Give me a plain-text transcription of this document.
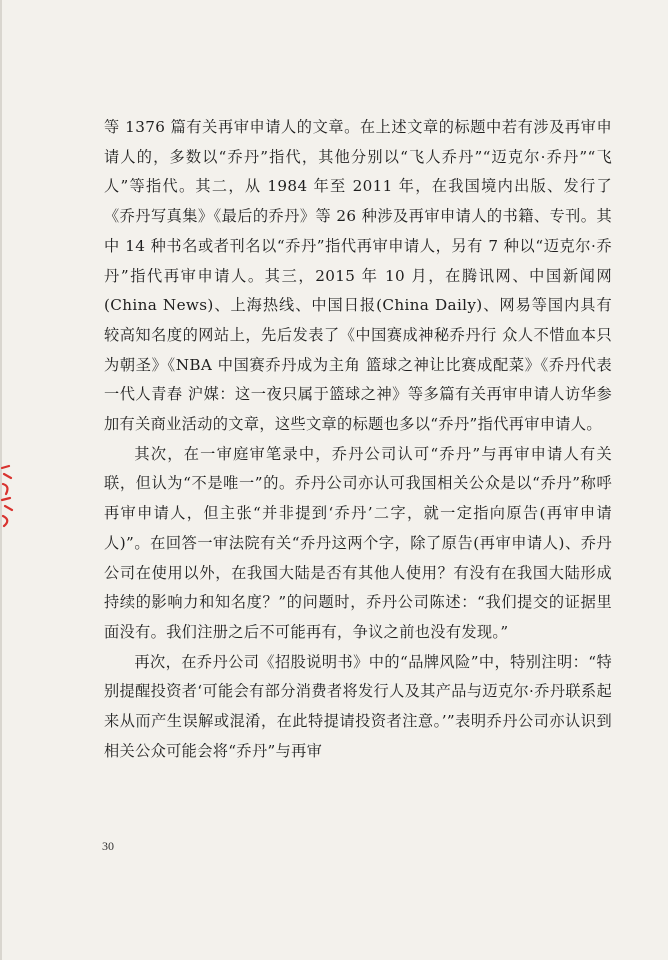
等 1376 篇有关再审申请人的文章。在上述文章的标题中若有涉及再审申请人的，多数以“乔丹”指代，其他分别以“飞人乔丹”“迈克尔·乔丹”“飞人”等指代。其二，从 1984 年至 2011 年，在我国境内出版、发行了《乔丹写真集》《最后的乔丹》等 26 种涉及再审申请人的书籍、专刊。其中 14 种书名或者刊名以“乔丹”指代再审申请人，另有 7 种以“迈克尔·乔丹”指代再审申请人。其三，2015 年 10 月，在腾讯网、中国新闻网(China News)、上海热线、中国日报(China Daily)、网易等国内具有较高知名度的网站上，先后发表了《中国赛成神秘乔丹行 众人不惜血本只为朝圣》《NBA 中国赛乔丹成为主角 篮球之神让比赛成配菜》《乔丹代表一代人青春 沪媒：这一夜只属于篮球之神》等多篇有关再审申请人访华参加有关商业活动的文章，这些文章的标题也多以“乔丹”指代再审申请人。

其次，在一审庭审笔录中，乔丹公司认可“乔丹”与再审申请人有关联，但认为“不是唯一”的。乔丹公司亦认可我国相关公众是以“乔丹”称呼再审申请人，但主张“并非提到‘乔丹’二字，就一定指向原告(再审申请人)”。在回答一审法院有关“乔丹这两个字，除了原告(再审申请人)、乔丹公司在使用以外，在我国大陆是否有其他人使用？有没有在我国大陆形成持续的影响力和知名度？”的问题时，乔丹公司陈述：“我们提交的证据里面没有。我们注册之后不可能再有，争议之前也没有发现。”

再次，在乔丹公司《招股说明书》中的“品牌风险”中，特别注明：“特别提醒投资者‘可能会有部分消费者将发行人及其产品与迈克尔·乔丹联系起来从而产生误解或混淆，在此特提请投资者注意。’”表明乔丹公司亦认识到相关公众可能会将“乔丹”与再审

30
